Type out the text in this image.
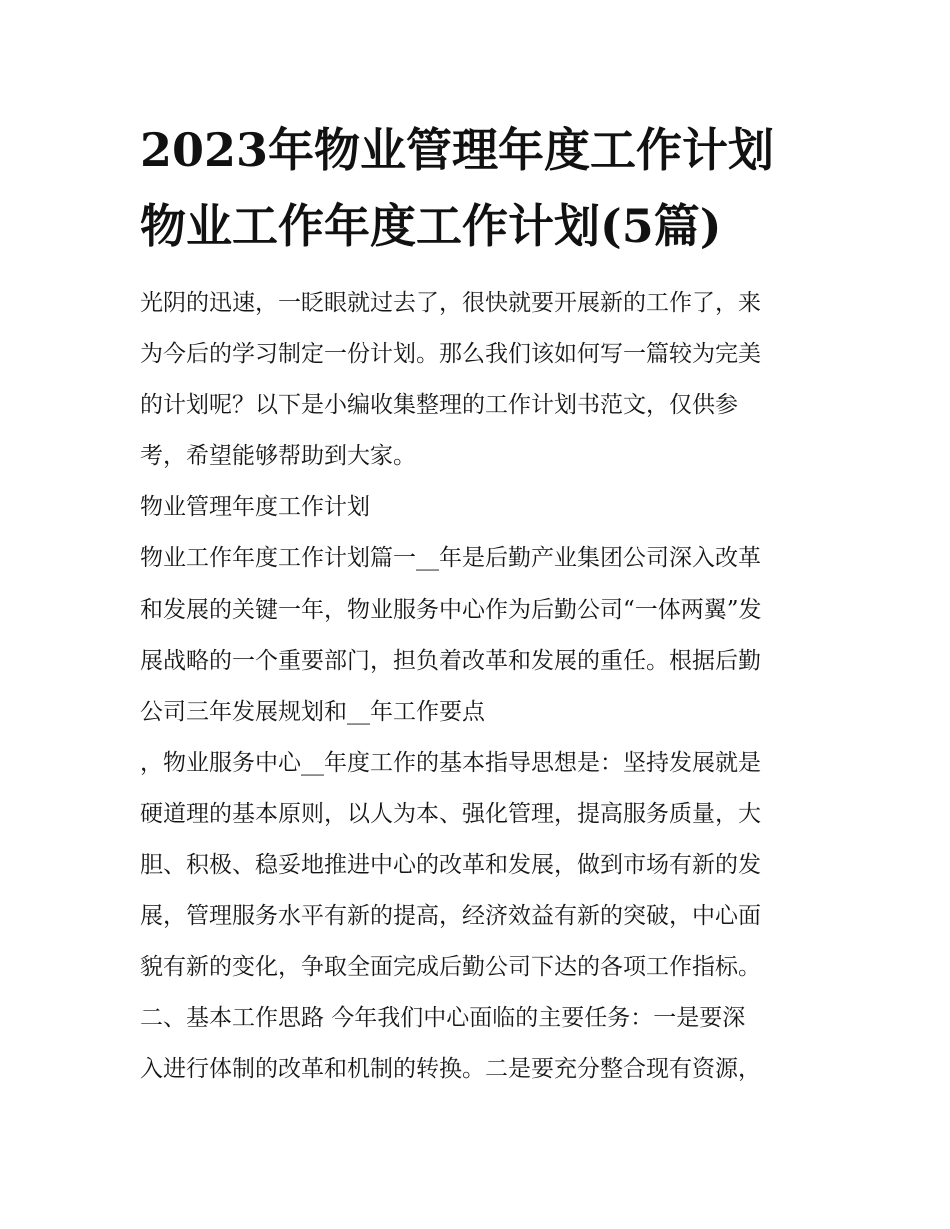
2023年物业管理年度工作计划
物业工作年度工作计划(5篇)
光阴的迅速，一眨眼就过去了，很快就要开展新的工作了，来
为今后的学习制定一份计划。那么我们该如何写一篇较为完美
的计划呢？以下是小编收集整理的工作计划书范文，仅供参
考，希望能够帮助到大家。
物业管理年度工作计划
物业工作年度工作计划篇一__年是后勤产业集团公司深入改革
和发展的关键一年，物业服务中心作为后勤公司“一体两翼”发
展战略的一个重要部门，担负着改革和发展的重任。根据后勤
公司三年发展规划和__年工作要点
，物业服务中心__年度工作的基本指导思想是：坚持发展就是
硬道理的基本原则，以人为本、强化管理，提高服务质量，大
胆、积极、稳妥地推进中心的改革和发展，做到市场有新的发
展，管理服务水平有新的提高，经济效益有新的突破，中心面
貌有新的变化，争取全面完成后勤公司下达的各项工作指标。
二、基本工作思路 今年我们中心面临的主要任务：一是要深
入进行体制的改革和机制的转换。二是要充分整合现有资源，
